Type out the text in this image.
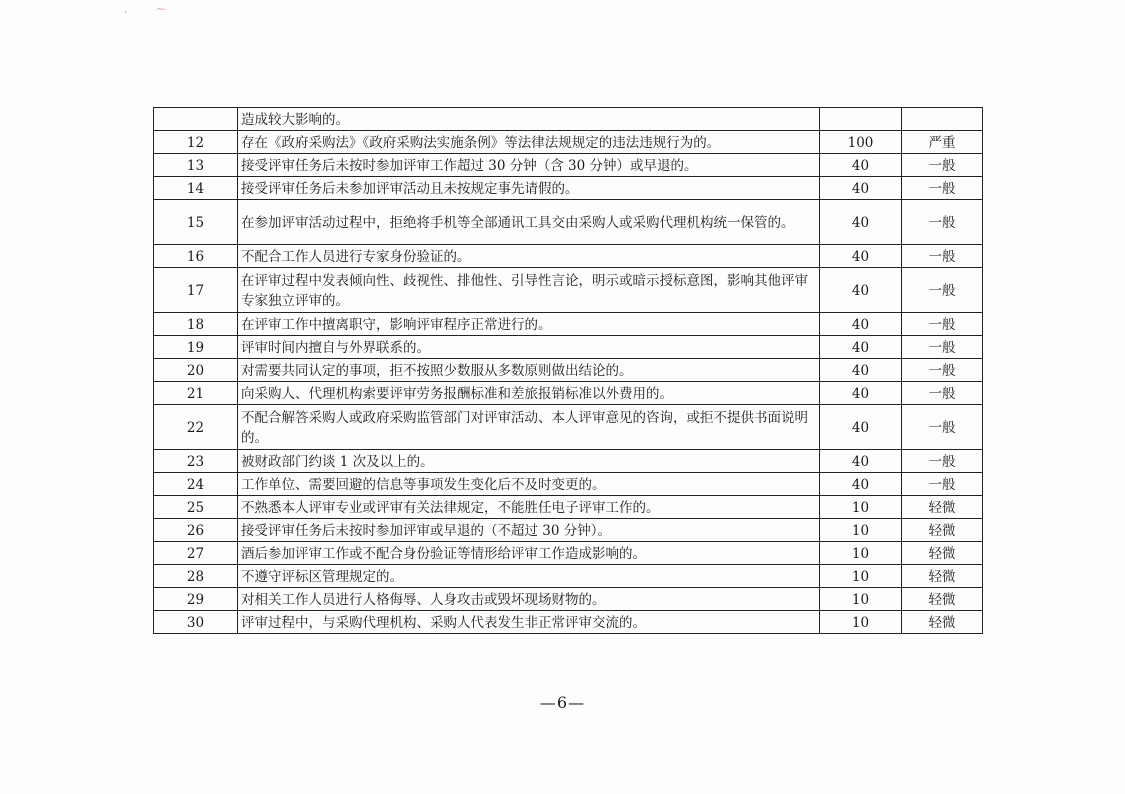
, ~
	造成较大影响的。		
12	存在《政府采购法》《政府采购法实施条例》等法律法规规定的违法违规行为的。	100	严重
13	接受评审任务后未按时参加评审工作超过 30 分钟（含 30 分钟）或早退的。	40	一般
14	接受评审任务后未参加评审活动且未按规定事先请假的。	40	一般
15	在参加评审活动过程中，拒绝将手机等全部通讯工具交由采购人或采购代理机构统一保管的。	40	一般
16	不配合工作人员进行专家身份验证的。	40	一般
17	在评审过程中发表倾向性、歧视性、排他性、引导性言论，明示或暗示授标意图，影响其他评审专家独立评审的。	40	一般
18	在评审工作中擅离职守，影响评审程序正常进行的。	40	一般
19	评审时间内擅自与外界联系的。	40	一般
20	对需要共同认定的事项，拒不按照少数服从多数原则做出结论的。	40	一般
21	向采购人、代理机构索要评审劳务报酬标准和差旅报销标准以外费用的。	40	一般
22	不配合解答采购人或政府采购监管部门对评审活动、本人评审意见的咨询，或拒不提供书面说明的。	40	一般
23	被财政部门约谈 1 次及以上的。	40	一般
24	工作单位、需要回避的信息等事项发生变化后不及时变更的。	40	一般
25	不熟悉本人评审专业或评审有关法律规定，不能胜任电子评审工作的。	10	轻微
26	接受评审任务后未按时参加评审或早退的（不超过 30 分钟）。	10	轻微
27	酒后参加评审工作或不配合身份验证等情形给评审工作造成影响的。	10	轻微
28	不遵守评标区管理规定的。	10	轻微
29	对相关工作人员进行人格侮辱、人身攻击或毁坏现场财物的。	10	轻微
30	评审过程中，与采购代理机构、采购人代表发生非正常评审交流的。	10	轻微
—6—
